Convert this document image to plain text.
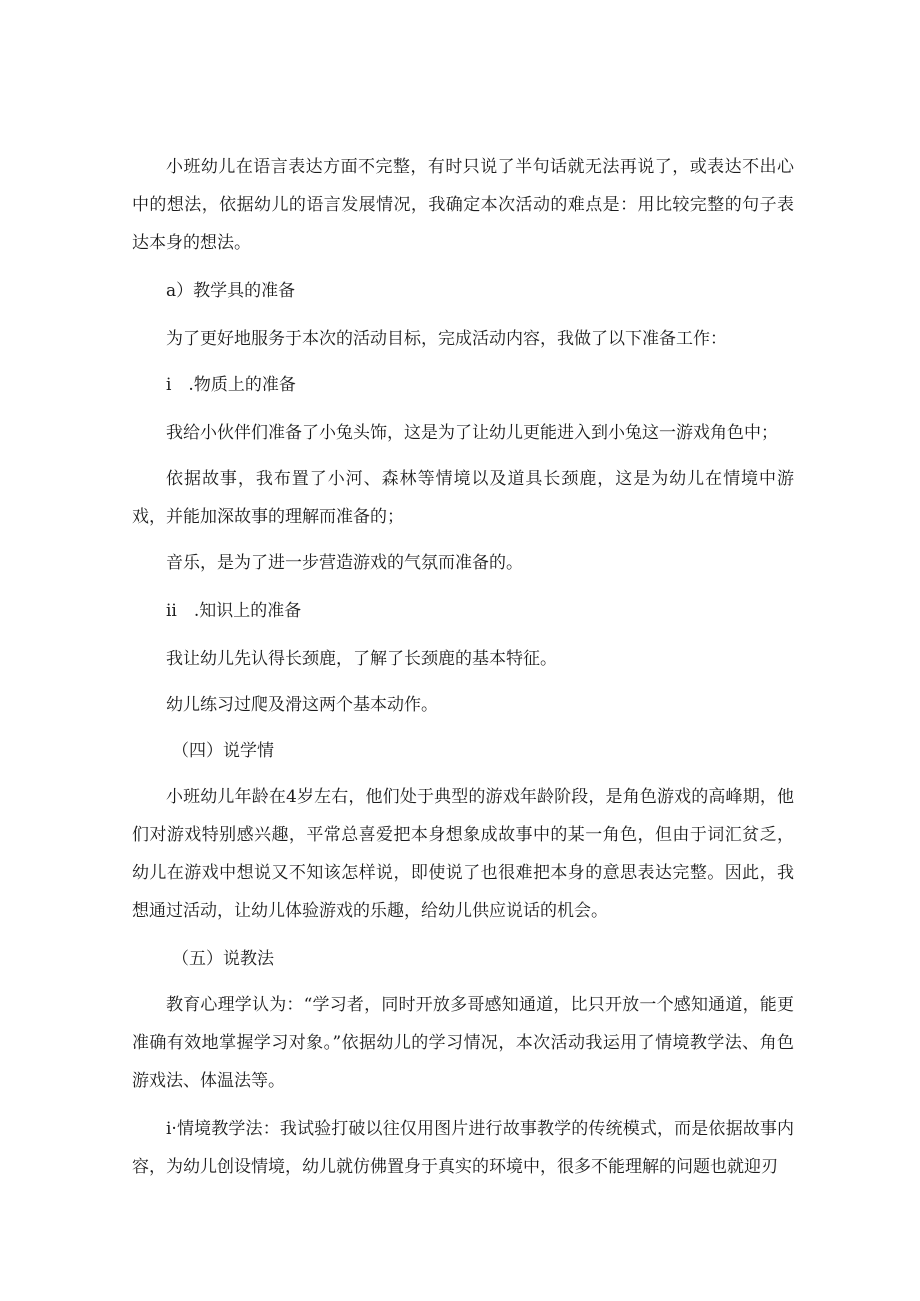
小班幼儿在语言表达方面不完整，有时只说了半句话就无法再说了，或表达不出心中的想法，依据幼儿的语言发展情况，我确定本次活动的难点是：用比较完整的句子表达本身的想法。

a）教学具的准备

为了更好地服务于本次的活动目标，完成活动内容，我做了以下准备工作：

i　.物质上的准备

我给小伙伴们准备了小兔头饰，这是为了让幼儿更能进入到小兔这一游戏角色中；

依据故事，我布置了小河、森林等情境以及道具长颈鹿，这是为幼儿在情境中游戏，并能加深故事的理解而准备的；

音乐，是为了进一步营造游戏的气氛而准备的。

ii　.知识上的准备

我让幼儿先认得长颈鹿，了解了长颈鹿的基本特征。

幼儿练习过爬及滑这两个基本动作。

（四）说学情

小班幼儿年龄在4岁左右，他们处于典型的游戏年龄阶段，是角色游戏的高峰期，他们对游戏特别感兴趣，平常总喜爱把本身想象成故事中的某一角色，但由于词汇贫乏，幼儿在游戏中想说又不知该怎样说，即使说了也很难把本身的意思表达完整。因此，我想通过活动，让幼儿体验游戏的乐趣，给幼儿供应说话的机会。

（五）说教法

教育心理学认为：“学习者，同时开放多哥感知通道，比只开放一个感知通道，能更准确有效地掌握学习对象。”依据幼儿的学习情况，本次活动我运用了情境教学法、角色游戏法、体温法等。

i·情境教学法：我试验打破以往仅用图片进行故事教学的传统模式，而是依据故事内容，为幼儿创设情境，幼儿就仿佛置身于真实的环境中，很多不能理解的问题也就迎刃
